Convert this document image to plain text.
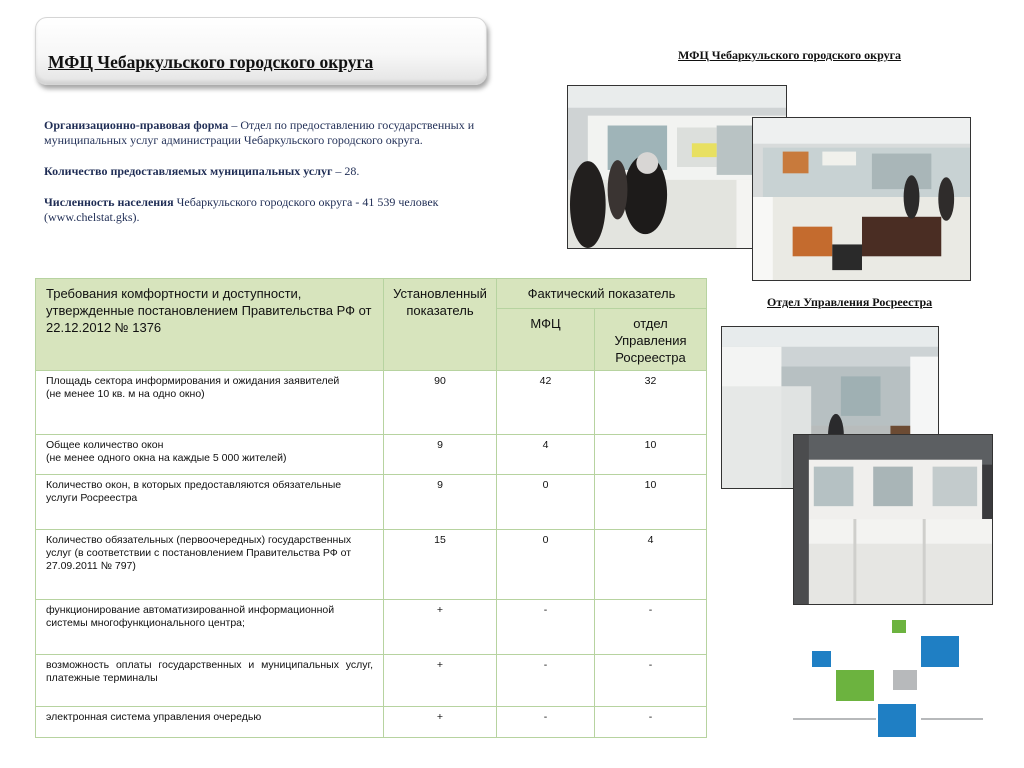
МФЦ Чебаркульского городского округа
Организационно-правовая форма – Отдел по предоставлению государственных и муниципальных услуг администрации Чебаркульского городского округа.
Количество предоставляемых муниципальных услуг – 28.
Численность населения Чебаркульского городского округа - 41 539 человек (www.chelstat.gks).
МФЦ Чебаркульского городского округа
Отдел Управления Росреестра
Требования комфортности и доступности, утвержденные постановлением Правительства РФ от 22.12.2012 № 1376	Установленный показатель	Фактический показатель	
		МФЦ	отдел Управления Росреестра
Площадь сектора информирования и ожидания заявителей
(не менее 10 кв. м на одно окно)	90	42	32
Общее количество окон
(не менее одного окна на каждые 5 000 жителей)	9	4	10
Количество окон, в которых предоставляются обязательные услуги Росреестра	9	0	10
Количество обязательных (первоочередных) государственных услуг (в соответствии с постановлением Правительства РФ от 27.09.2011 № 797)	15	0	4
функционирование автоматизированной информационной системы многофункционального центра;	+	-	-
возможность оплаты государственных и муниципальных услуг, платежные терминалы	+	-	-
электронная система управления очередью	+	-	-
